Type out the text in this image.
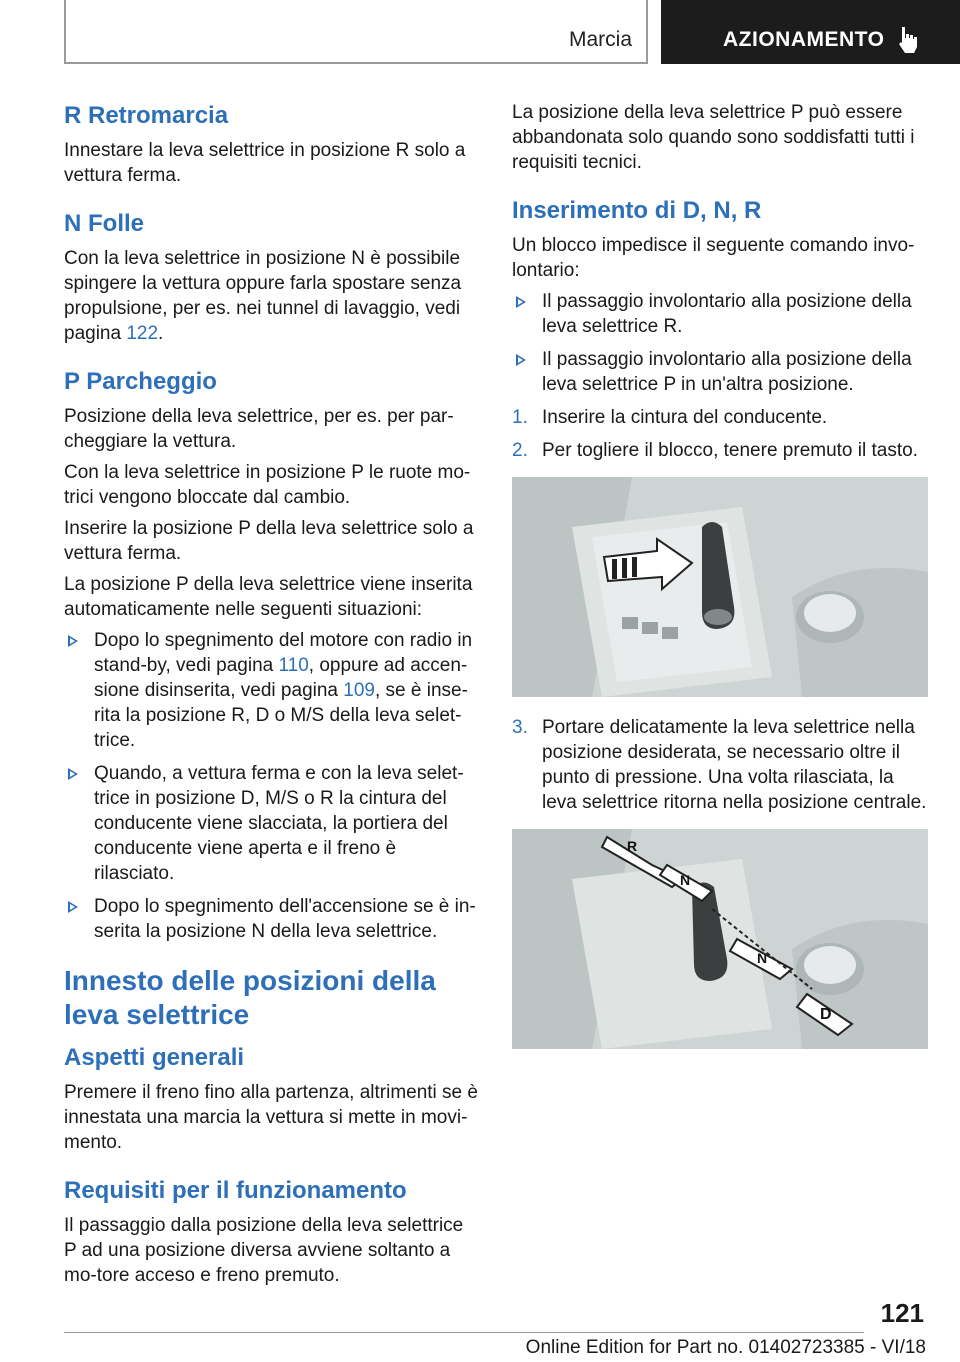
Marcia	AZIONAMENTO
R Retromarcia

Innestare la leva selettrice in posizione R solo a vettura ferma.

N Folle

Con la leva selettrice in posizione N è possibile spingere la vettura oppure farla spostare senza propulsione, per es. nei tunnel di lavaggio, vedi pagina 122.

P Parcheggio

Posizione della leva selettrice, per es. per par-cheggiare la vettura.

Con la leva selettrice in posizione P le ruote mo-trici vengono bloccate dal cambio.

Inserire la posizione P della leva selettrice solo a vettura ferma.

La posizione P della leva selettrice viene inserita automaticamente nelle seguenti situazioni:

Dopo lo spegnimento del motore con radio in stand-by, vedi pagina 110, oppure ad accen-sione disinserita, vedi pagina 109, se è inse-rita la posizione R, D o M/S della leva selet-trice.
Quando, a vettura ferma e con la leva selet-trice in posizione D, M/S o R la cintura del conducente viene slacciata, la portiera del conducente viene aperta e il freno è rilasciato.
Dopo lo spegnimento dell'accensione se è in-serita la posizione N della leva selettrice.
Innesto delle posizioni della leva selettrice
Aspetti generali

Premere il freno fino alla partenza, altrimenti se è innestata una marcia la vettura si mette in movi-mento.

Requisiti per il funzionamento

Il passaggio dalla posizione della leva selettrice P ad una posizione diversa avviene soltanto a mo-tore acceso e freno premuto.

La posizione della leva selettrice P può essere abbandonata solo quando sono soddisfatti tutti i requisiti tecnici.

Inserimento di D, N, R

Un blocco impedisce il seguente comando invo-lontario:

Il passaggio involontario alla posizione della leva selettrice R.
Il passaggio involontario alla posizione della leva selettrice P in un'altra posizione.
1. Inserire la cintura del conducente.
2. Per togliere il blocco, tenere premuto il tasto.
3. Portare delicatamente la leva selettrice nella posizione desiderata, se necessario oltre il punto di pressione. Una volta rilasciata, la leva selettrice ritorna nella posizione centrale.
R
N
N
D
121
Online Edition for Part no. 01402723385 - VI/18
